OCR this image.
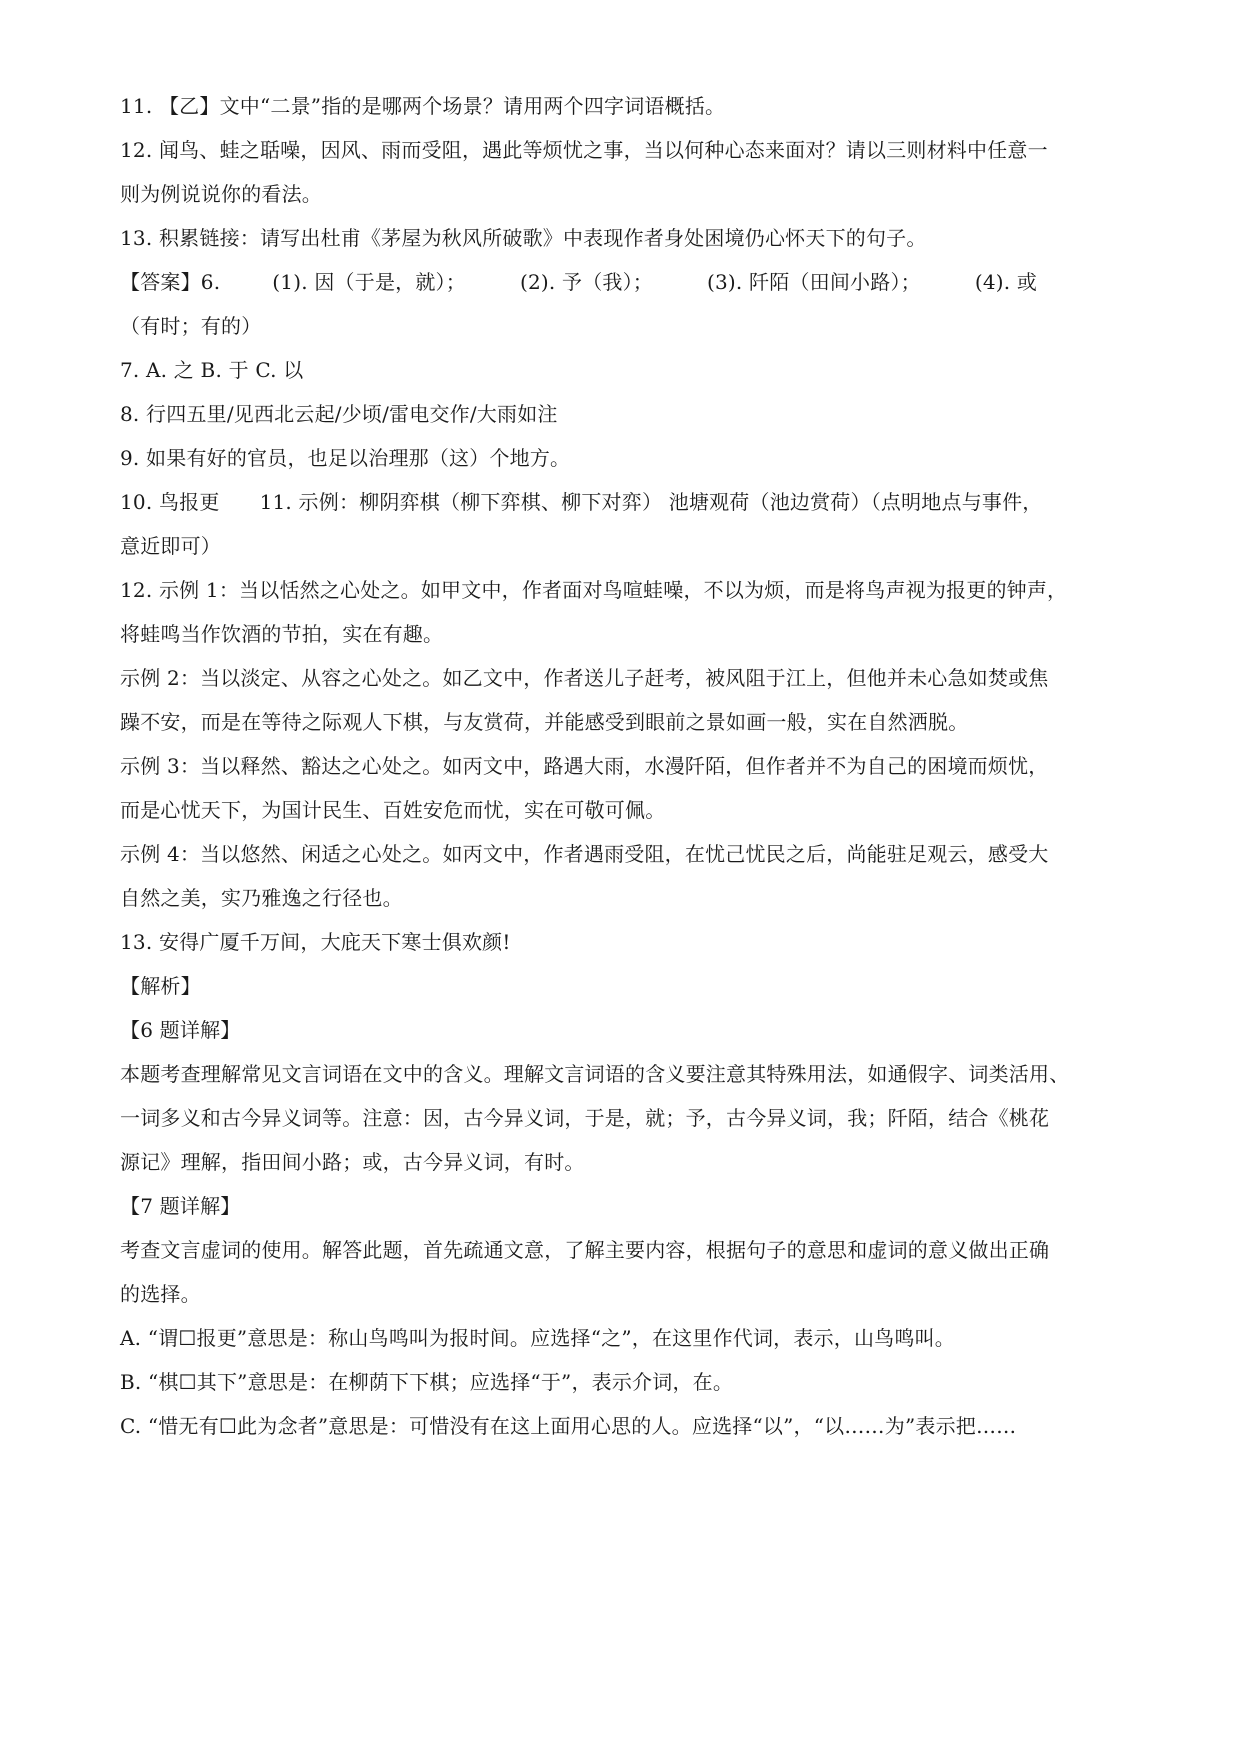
11. 【乙】文中“二景”指的是哪两个场景？请用两个四字词语概括。
12. 闻鸟、蛙之聒噪，因风、雨而受阻，遇此等烦忧之事，当以何种心态来面对？请以三则材料中任意一
则为例说说你的看法。
13. 积累链接：请写出杜甫《茅屋为秋风所破歌》中表现作者身处困境仍心怀天下的句子。
【答案】6.	(1). 因（于是，就）；	(2). 予（我）；	(3). 阡陌（田间小路）；	(4). 或
（有时；有的）
7. A. 之 B. 于 C. 以
8. 行四五里/见西北云起/少顷/雷电交作/大雨如注
9. 如果有好的官员，也足以治理那（这）个地方。
10. 鸟报更 11. 示例：柳阴弈棋（柳下弈棋、柳下对弈） 池塘观荷（池边赏荷）（点明地点与事件，
意近即可）
12. 示例 1：当以恬然之心处之。如甲文中，作者面对鸟喧蛙噪，不以为烦，而是将鸟声视为报更的钟声，
将蛙鸣当作饮酒的节拍，实在有趣。
示例 2：当以淡定、从容之心处之。如乙文中，作者送儿子赶考，被风阻于江上，但他并未心急如焚或焦
躁不安，而是在等待之际观人下棋，与友赏荷，并能感受到眼前之景如画一般，实在自然洒脱。
示例 3：当以释然、豁达之心处之。如丙文中，路遇大雨，水漫阡陌，但作者并不为自己的困境而烦忧，
而是心忧天下，为国计民生、百姓安危而忧，实在可敬可佩。
示例 4：当以悠然、闲适之心处之。如丙文中，作者遇雨受阻，在忧己忧民之后，尚能驻足观云，感受大
自然之美，实乃雅逸之行径也。
13. 安得广厦千万间，大庇天下寒士俱欢颜!
【解析】
【6 题详解】
本题考查理解常见文言词语在文中的含义。理解文言词语的含义要注意其特殊用法，如通假字、词类活用、
一词多义和古今异义词等。注意：因，古今异义词，于是，就；予，古今异义词，我；阡陌，结合《桃花
源记》理解，指田间小路；或，古今异义词，有时。
【7 题详解】
考查文言虚词的使用。解答此题，首先疏通文意，了解主要内容，根据句子的意思和虚词的意义做出正确
的选择。
A. “谓☐报更”意思是：称山鸟鸣叫为报时间。应选择“之”，在这里作代词，表示，山鸟鸣叫。
B. “棋☐其下”意思是：在柳荫下下棋；应选择“于”，表示介词，在。
C. “惜无有☐此为念者”意思是：可惜没有在这上面用心思的人。应选择“以”，“以……为”表示把……
